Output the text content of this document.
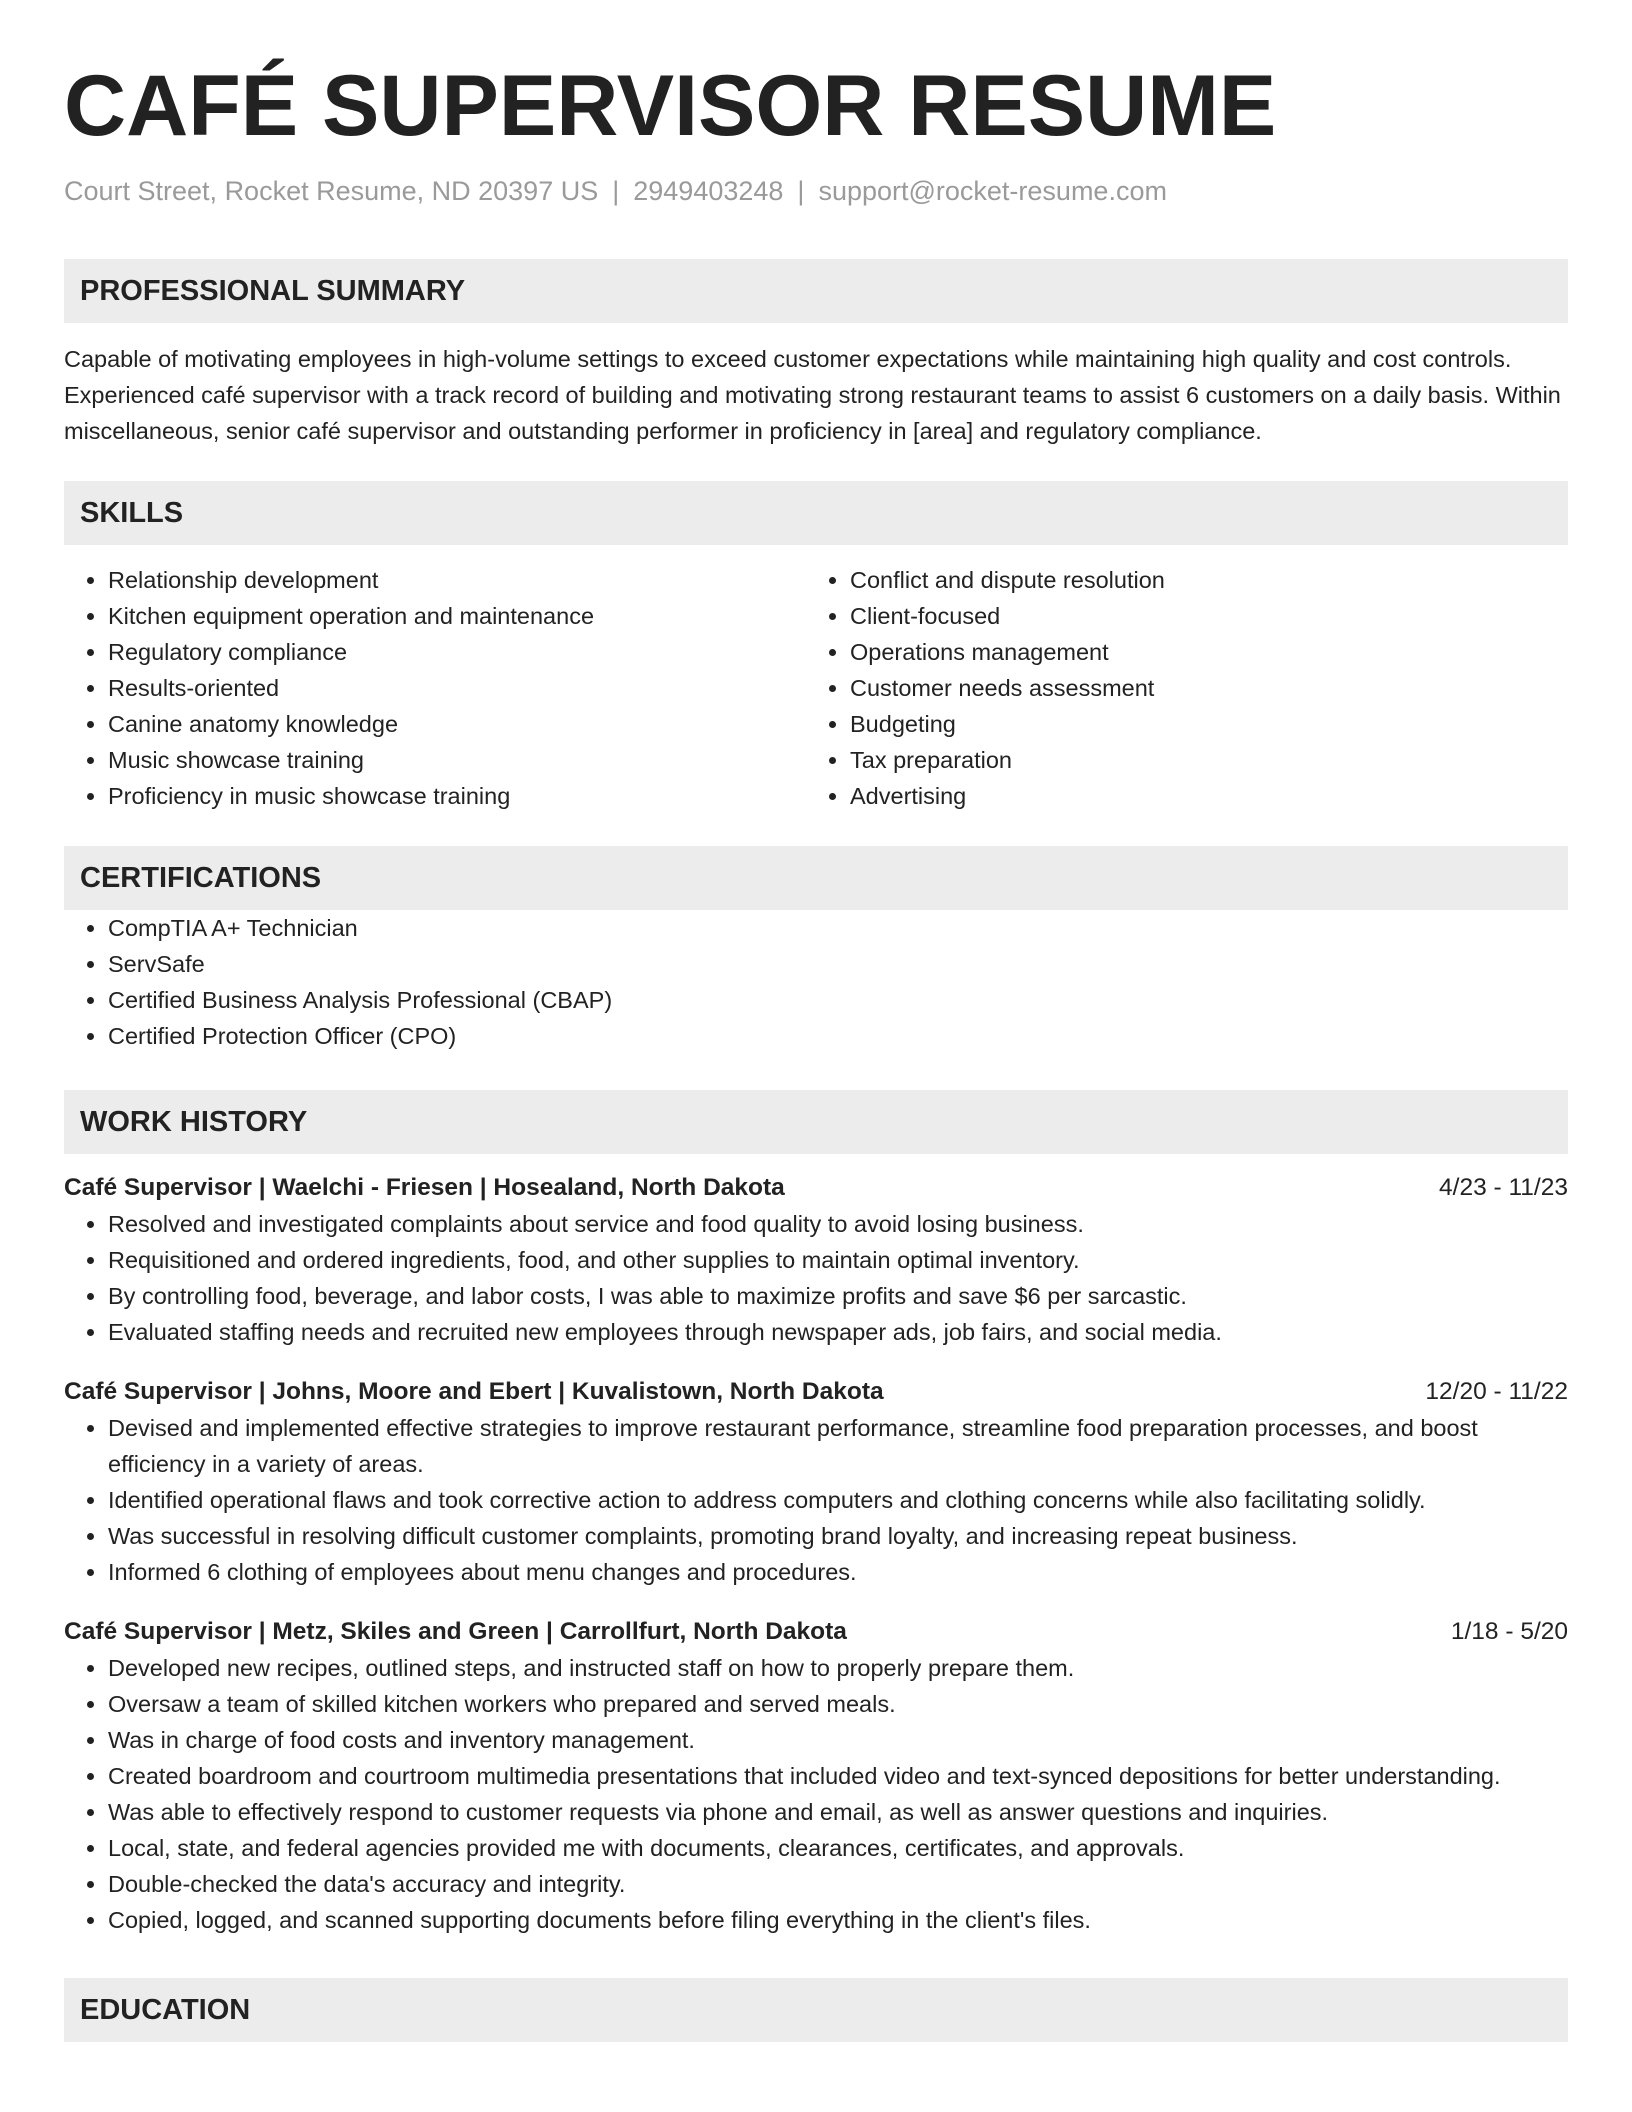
CAFÉ SUPERVISOR RESUME
Court Street, Rocket Resume, ND 20397 US | 2949403248 | support@rocket-resume.com
PROFESSIONAL SUMMARY

Capable of motivating employees in high-volume settings to exceed customer expectations while maintaining high quality and cost controls. Experienced café supervisor with a track record of building and motivating strong restaurant teams to assist 6 customers on a daily basis. Within miscellaneous, senior café supervisor and outstanding performer in proficiency in [area] and regulatory compliance.

SKILLS
• Relationship development
• Kitchen equipment operation and maintenance
• Regulatory compliance
• Results-oriented
• Canine anatomy knowledge
• Music showcase training
• Proficiency in music showcase training
• Conflict and dispute resolution
• Client-focused
• Operations management
• Customer needs assessment
• Budgeting
• Tax preparation
• Advertising
CERTIFICATIONS
• CompTIA A+ Technician
• ServSafe
• Certified Business Analysis Professional (CBAP)
• Certified Protection Officer (CPO)
WORK HISTORY
Café Supervisor | Waelchi - Friesen | Hosealand, North Dakota	4/23 - 11/23
• Resolved and investigated complaints about service and food quality to avoid losing business.
• Requisitioned and ordered ingredients, food, and other supplies to maintain optimal inventory.
• By controlling food, beverage, and labor costs, I was able to maximize profits and save $6 per sarcastic.
• Evaluated staffing needs and recruited new employees through newspaper ads, job fairs, and social media.
Café Supervisor | Johns, Moore and Ebert | Kuvalistown, North Dakota	12/20 - 11/22
• Devised and implemented effective strategies to improve restaurant performance, streamline food preparation processes, and boost efficiency in a variety of areas.
• Identified operational flaws and took corrective action to address computers and clothing concerns while also facilitating solidly.
• Was successful in resolving difficult customer complaints, promoting brand loyalty, and increasing repeat business.
• Informed 6 clothing of employees about menu changes and procedures.
Café Supervisor | Metz, Skiles and Green | Carrollfurt, North Dakota	1/18 - 5/20
• Developed new recipes, outlined steps, and instructed staff on how to properly prepare them.
• Oversaw a team of skilled kitchen workers who prepared and served meals.
• Was in charge of food costs and inventory management.
• Created boardroom and courtroom multimedia presentations that included video and text-synced depositions for better understanding.
• Was able to effectively respond to customer requests via phone and email, as well as answer questions and inquiries.
• Local, state, and federal agencies provided me with documents, clearances, certificates, and approvals.
• Double-checked the data's accuracy and integrity.
• Copied, logged, and scanned supporting documents before filing everything in the client's files.
EDUCATION
